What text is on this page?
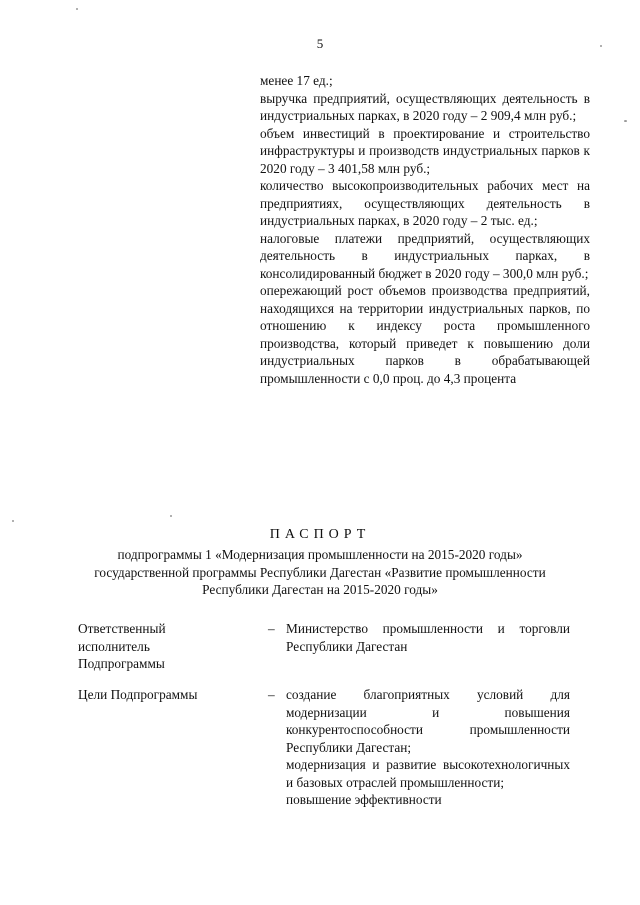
5

менее 17 ед.;

выручка предприятий, осуществляющих деятельность в индустриальных парках, в 2020 году – 2 909,4 млн руб.;

объем инвестиций в проектирование и строительство инфраструктуры и производств индустриальных парков к 2020 году – 3 401,58 млн руб.;

количество высокопроизводительных рабочих мест на предприятиях, осуществляющих деятельность в индустриальных парках, в 2020 году – 2 тыс. ед.;

налоговые платежи предприятий, осуществляющих деятельность в индустриальных парках, в консолидированный бюджет в 2020 году – 300,0 млн руб.;

опережающий рост объемов производства предприятий, находящихся на территории индустриальных парков, по отношению к индексу роста промышленного производства, который приведет к повышению доли индустриальных парков в обрабатывающей промышленности с 0,0 проц. до 4,3 процента

ПАСПОРТ
подпрограммы 1 «Модернизация промышленности на 2015-2020 годы»
государственной программы Республики Дагестан «Развитие промышленности
Республики Дагестан на 2015-2020 годы»

Ответственный

исполнитель

Подпрограммы

– Министерство промышленности и торговли Республики Дагестан

Цели Подпрограммы	– создание благоприятных условий для модернизации и повышения конкурентоспособности промышленности Республики Дагестан;

модернизация и развитие высокотехнологичных и базовых отраслей промышленности;

повышение эффективности
